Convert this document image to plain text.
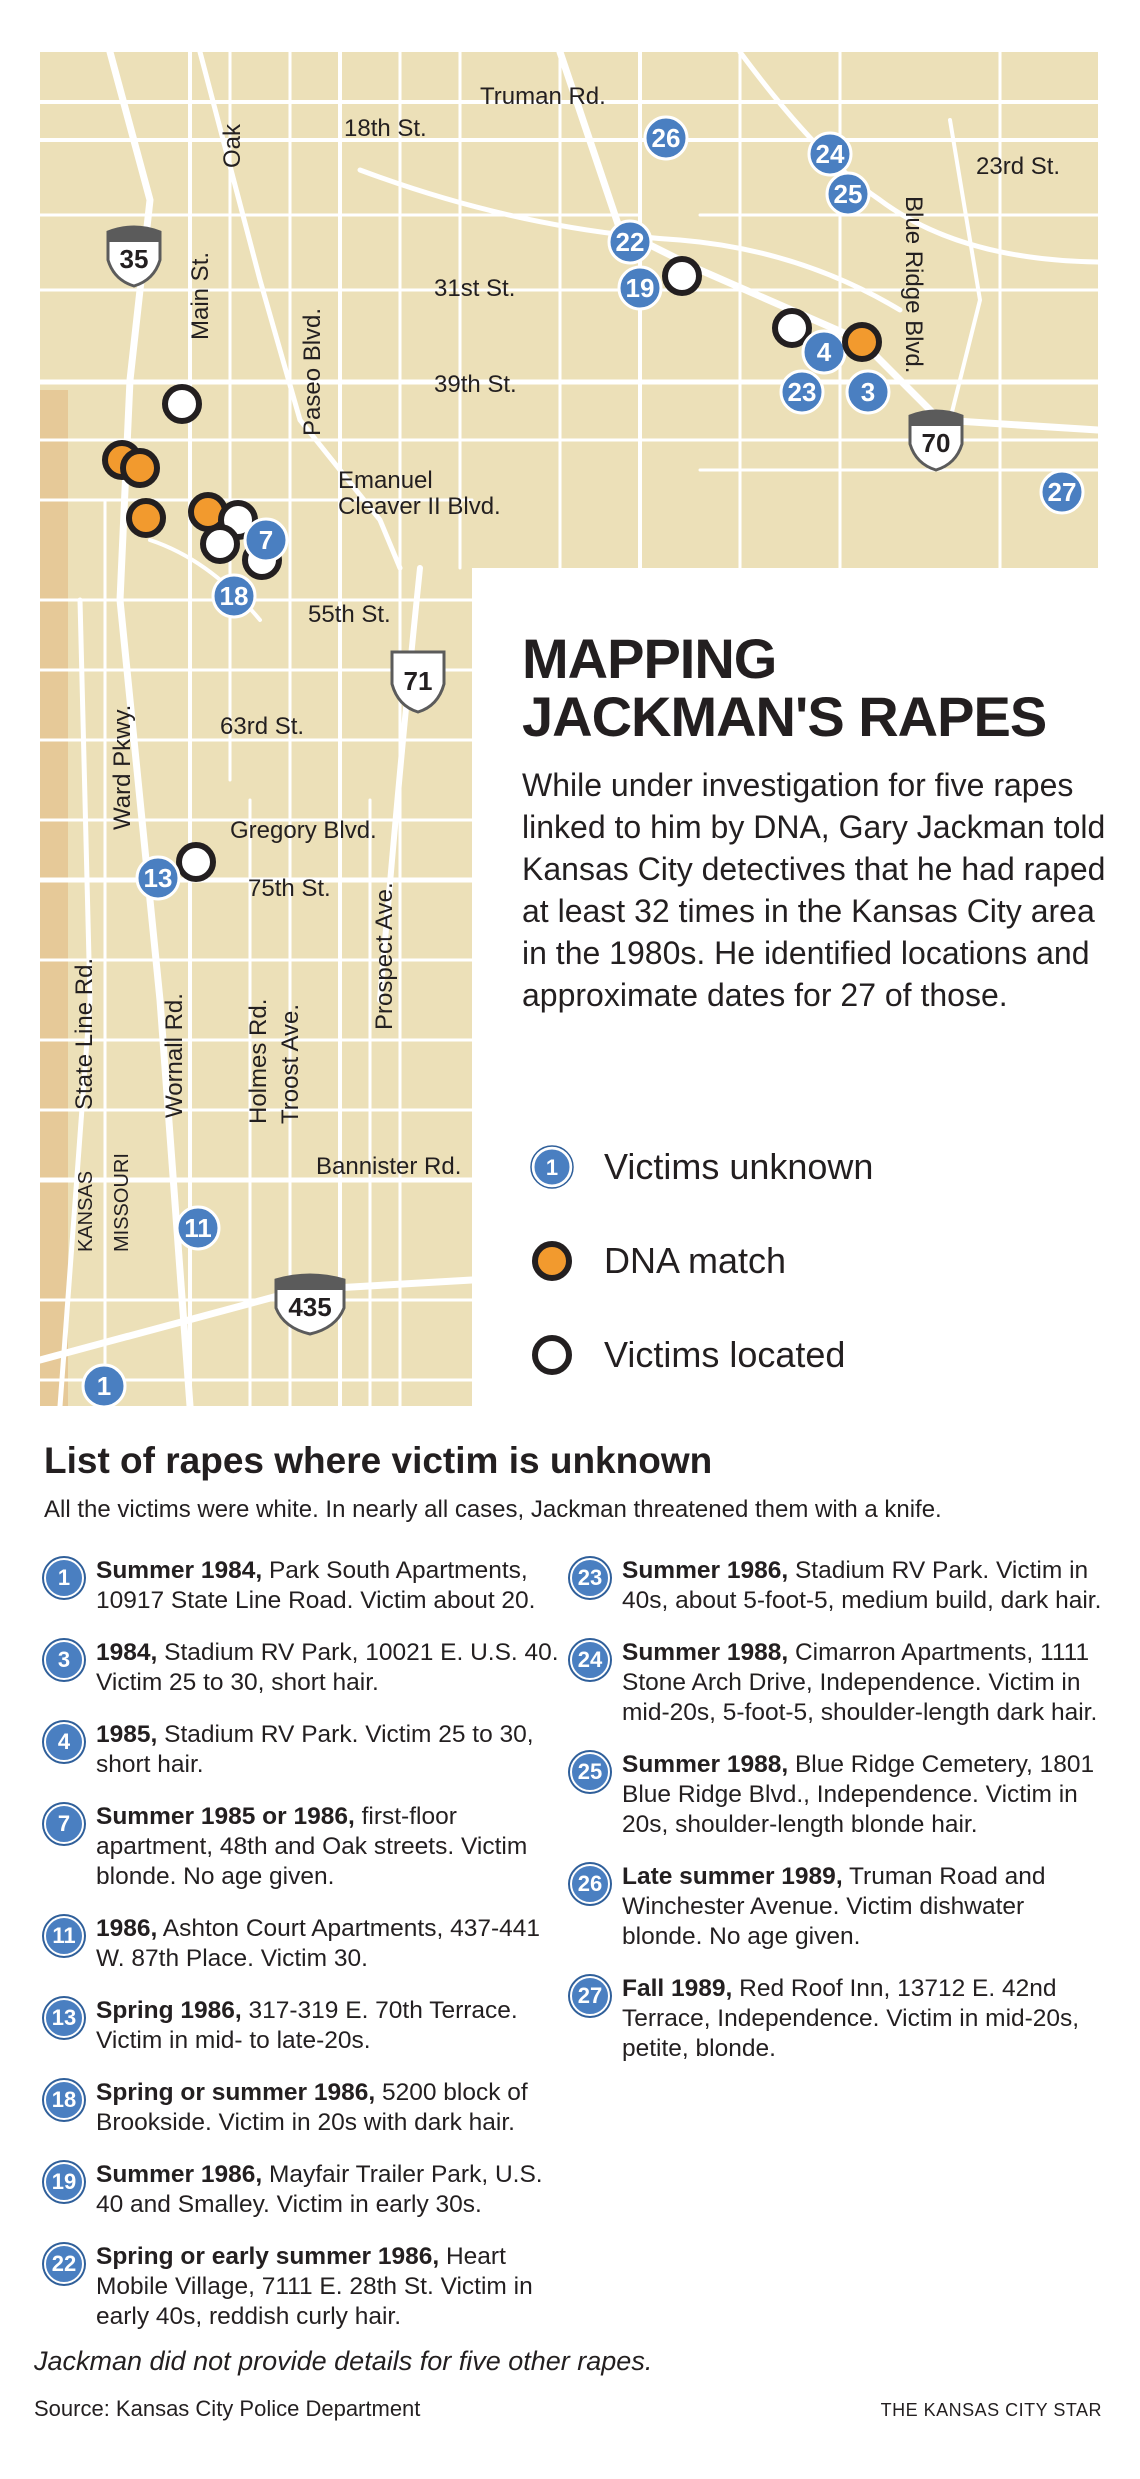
Truman Rd.
18th St.
23rd St.
Oak
Main St.	31st St.
Paseo Blvd.	39th St.
Blue Ridge Blvd.
Emanuel
Cleaver II Blvd.
55th St.
63rd St.
Ward Pkwy.
Gregory Blvd.
75th St. Prospect Ave.
State Line Rd.	Wornall Rd. Holmes Rd. Troost Ave.
Bannister Rd.
KANSAS MISSOURI
35
70
71
435
26
24
25
22
19
4
23 3
27
7
18
13
11
1
MAPPING JACKMAN'S RAPES
While under investigation for five rapes linked to him by DNA, Gary Jackman told Kansas City detectives that he had raped at least 32 times in the Kansas City area in the 1980s. He identified locations and approximate dates for 27 of those.
1 Victims unknown
DNA match
Victims located
List of rapes where victim is unknown
All the victims were white. In nearly all cases, Jackman threatened them with a knife.
1	Summer 1984, Park South Apartments, 10917 State Line Road. Victim about 20.
3	1984, Stadium RV Park, 10021 E. U.S. 40. Victim 25 to 30, short hair.
4	1985, Stadium RV Park. Victim 25 to 30, short hair.
7	Summer 1985 or 1986, first-floor apartment, 48th and Oak streets. Victim blonde. No age given.
11 1986, Ashton Court Apartments, 437-441 W. 87th Place. Victim 30.
13 Spring 1986, 317-319 E. 70th Terrace. Victim in mid- to late-20s.
18 Spring or summer 1986, 5200 block of Brookside. Victim in 20s with dark hair.
19 Summer 1986, Mayfair Trailer Park, U.S. 40 and Smalley. Victim in early 30s.
22 Spring or early summer 1986, Heart Mobile Village, 7111 E. 28th St. Victim in early 40s, reddish curly hair.
23 Summer 1986, Stadium RV Park. Victim in 40s, about 5-foot-5, medium build, dark hair.
24 Summer 1988, Cimarron Apartments, 1111 Stone Arch Drive, Independence. Victim in mid-20s, 5-foot-5, shoulder-length dark hair.
25 Summer 1988, Blue Ridge Cemetery, 1801 Blue Ridge Blvd., Independence. Victim in 20s, shoulder-length blonde hair.
26 Late summer 1989, Truman Road and Winchester Avenue. Victim dishwater blonde. No age given.
27 Fall 1989, Red Roof Inn, 13712 E. 42nd Terrace, Independence. Victim in mid-20s, petite, blonde.
Jackman did not provide details for five other rapes.
Source: Kansas City Police Department	THE KANSAS CITY STAR
